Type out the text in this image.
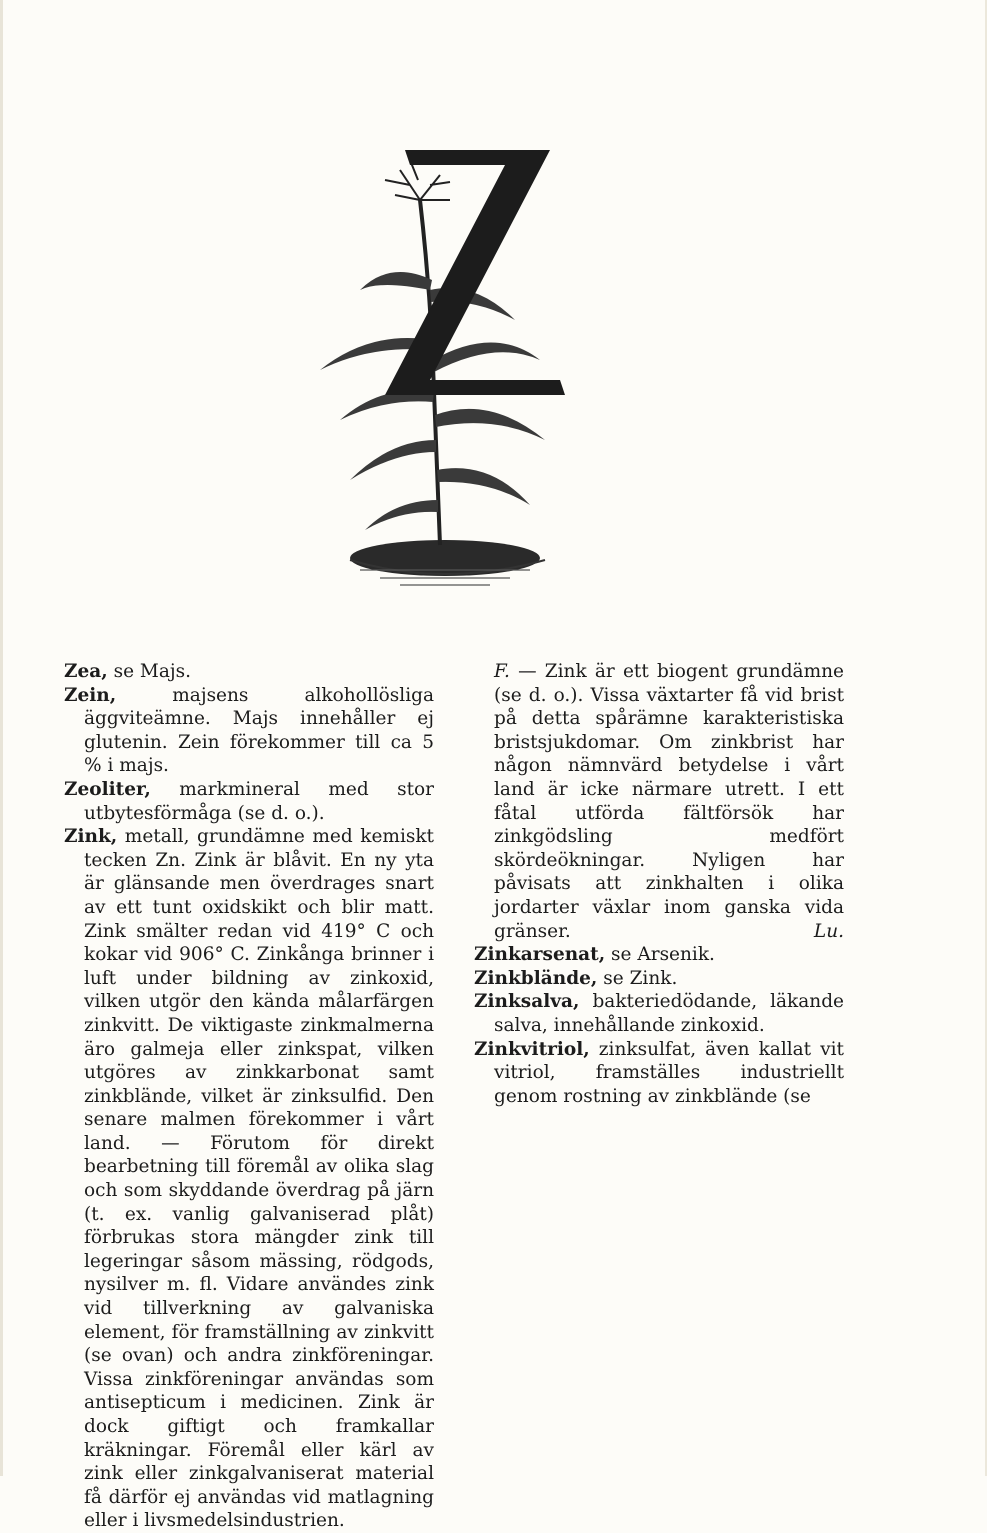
Zea, se Majs.

Zein, majsens alkohollösliga äggviteämne. Majs innehåller ej glutenin. Zein förekommer till ca 5 % i majs.

Zeoliter, markmineral med stor utbytesförmåga (se d. o.).

Zink, metall, grundämne med kemiskt tecken Zn. Zink är blåvit. En ny yta är glänsande men överdrages snart av ett tunt oxidskikt och blir matt. Zink smälter redan vid 419° C och kokar vid 906° C. Zinkånga brinner i luft under bildning av zinkoxid, vilken utgör den kända målarfärgen zinkvitt. De viktigaste zinkmalmerna äro galmeja eller zinkspat, vilken utgöres av zinkkarbonat samt zinkblände, vilket är zinksulfid. Den senare malmen förekommer i vårt land. — Förutom för direkt bearbetning till föremål av olika slag och som skyddande överdrag på järn (t. ex. vanlig galvaniserad plåt) förbrukas stora mängder zink till legeringar såsom mässing, rödgods, nysilver m. fl. Vidare användes zink vid tillverkning av galvaniska element, för framställning av zinkvitt (se ovan) och andra zinkföreningar. Vissa zinkföreningar användas som antisepticum i medicinen. Zink är dock giftigt och framkallar kräkningar. Föremål eller kärl av zink eller zinkgalvaniserat material få därför ej användas vid matlagning eller i livsmedelsindustrien.

F. — Zink är ett biogent grundämne (se d. o.). Vissa växtarter få vid brist på detta spårämne karakteristiska bristsjukdomar. Om zinkbrist har någon nämnvärd betydelse i vårt land är icke närmare utrett. I ett fåtal utförda fältförsök har zinkgödsling medfört skördeökningar. Nyligen har påvisats att zinkhalten i olika jordarter växlar inom ganska vida gränser.	Lu.

Zinkarsenat, se Arsenik.

Zinkblände, se Zink.

Zinksalva, bakteriedödande, läkande salva, innehållande zinkoxid.

Zinkvitriol, zinksulfat, även kallat vit vitriol, framställes industriellt genom rostning av zinkblände (se
